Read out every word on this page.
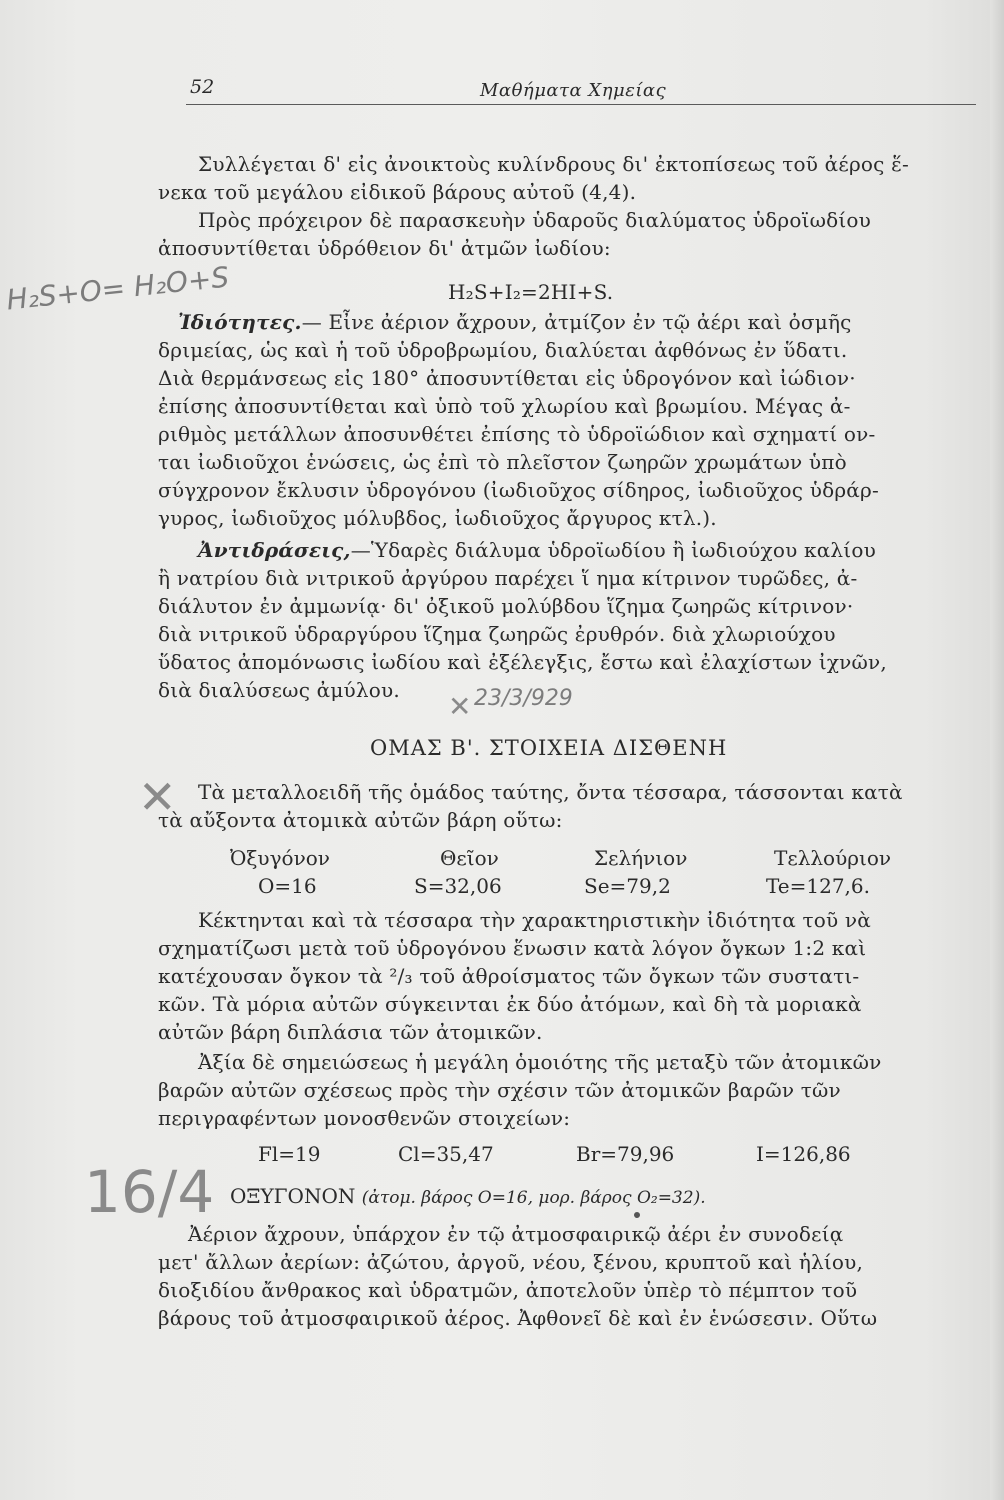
52	Μαθήματα Χημείας
Συλλέγεται δ' εἰς ἀνοικτοὺς κυλίνδρους δι' ἐκτοπίσεως τοῦ ἀέρος ἕ-
νεκα τοῦ μεγάλου εἰδικοῦ βάρους αὐτοῦ (4,4).
Πρὸς πρόχειρον δὲ παρασκευὴν ὑδαροῦς διαλύματος ὑδροϊωδίου
ἀποσυντίθεται ὑδρόθειον δι' ἀτμῶν ἰωδίου:
H₂S+I₂=2HI+S.
Ἰδιότητες.— Εἶνε ἀέριον ἄχρουν, ἀτμίζον ἐν τῷ ἀέρι καὶ ὀσμῆς
δριμείας, ὡς καὶ ἡ τοῦ ὑδροβρωμίου, διαλύεται ἀφθόνως ἐν ὕδατι.
Διὰ θερμάνσεως εἰς 180° ἀποσυντίθεται εἰς ὑδρογόνον καὶ ἰώδιον·
ἐπίσης ἀποσυντίθεται καὶ ὑπὸ τοῦ χλωρίου καὶ βρωμίου. Μέγας ἀ-
ριθμὸς μετάλλων ἀποσυνθέτει ἐπίσης τὸ ὑδροϊώδιον καὶ σχηματί ον-
ται ἰωδιοῦχοι ἑνώσεις, ὡς ἐπὶ τὸ πλεῖστον ζωηρῶν χρωμάτων ὑπὸ
σύγχρονον ἔκλυσιν ὑδρογόνου (ἰωδιοῦχος σίδηρος, ἰωδιοῦχος ὑδράρ-
γυρος, ἰωδιοῦχος μόλυβδος, ἰωδιοῦχος ἄργυρος κτλ.).
Ἀντιδράσεις,—Ὑδαρὲς διάλυμα ὑδροϊωδίου ἢ ἰωδιούχου καλίου
ἢ νατρίου διὰ νιτρικοῦ ἀργύρου παρέχει ἵ ημα κίτρινον τυρῶδες, ἀ-
διάλυτον ἐν ἀμμωνίᾳ· δι' ὀξικοῦ μολύβδου ἵζημα ζωηρῶς κίτρινον·
διὰ νιτρικοῦ ὑδραργύρου ἵζημα ζωηρῶς ἐρυθρόν. διὰ χλωριούχου
ὕδατος ἀπομόνωσις ἰωδίου καὶ ἐξέλεγξις, ἔστω καὶ ἐλαχίστων ἰχνῶν,
διὰ διαλύσεως ἀμύλου.
ΟΜΑΣ Β'. ΣΤΟΙΧΕΙΑ ΔΙΣΘΕΝΗ
Τὰ μεταλλοειδῆ τῆς ὁμάδος ταύτης, ὄντα τέσσαρα, τάσσονται κατὰ
τὰ αὔξοντα ἀτομικὰ αὐτῶν βάρη οὕτω:
Ὀξυγόνον	Θεῖον	Σελήνιον	Τελλούριον
O=16	S=32,06	Se=79,2	Te=127,6.
Κέκτηνται καὶ τὰ τέσσαρα τὴν χαρακτηριστικὴν ἰδιότητα τοῦ νὰ
σχηματίζωσι μετὰ τοῦ ὑδρογόνου ἕνωσιν κατὰ λόγον ὄγκων 1:2 καὶ
κατέχουσαν ὄγκον τὰ ²/₃ τοῦ ἀθροίσματος τῶν ὄγκων τῶν συστατι-
κῶν. Τὰ μόρια αὐτῶν σύγκεινται ἐκ δύο ἀτόμων, καὶ δὴ τὰ μοριακὰ
αὐτῶν βάρη διπλάσια τῶν ἀτομικῶν.
Ἀξία δὲ σημειώσεως ἡ μεγάλη ὁμοιότης τῆς μεταξὺ τῶν ἀτομικῶν
βαρῶν αὐτῶν σχέσεως πρὸς τὴν σχέσιν τῶν ἀτομικῶν βαρῶν τῶν
περιγραφέντων μονοσθενῶν στοιχείων:
Fl=19	Cl=35,47	Br=79,96	I=126,86
ΟΞΥΓΟΝΟΝ (ἀτομ. βάρος O=16, μορ. βάρος O₂=32).
Ἀέριον ἄχρουν, ὑπάρχον ἐν τῷ ἀτμοσφαιρικῷ ἀέρι ἐν συνοδείᾳ
μετ' ἄλλων ἀερίων: ἀζώτου, ἀργοῦ, νέου, ξένου, κρυπτοῦ καὶ ἡλίου,
διοξιδίου ἄνθρακος καὶ ὑδρατμῶν, ἀποτελοῦν ὑπὲρ τὸ πέμπτον τοῦ
βάρους τοῦ ἀτμοσφαιρικοῦ ἀέρος. Ἀφθονεῖ δὲ καὶ ἐν ἑνώσεσιν. Οὕτω
H₂S+O= H₂O+S
23/3/929
✕
✕
16/4
